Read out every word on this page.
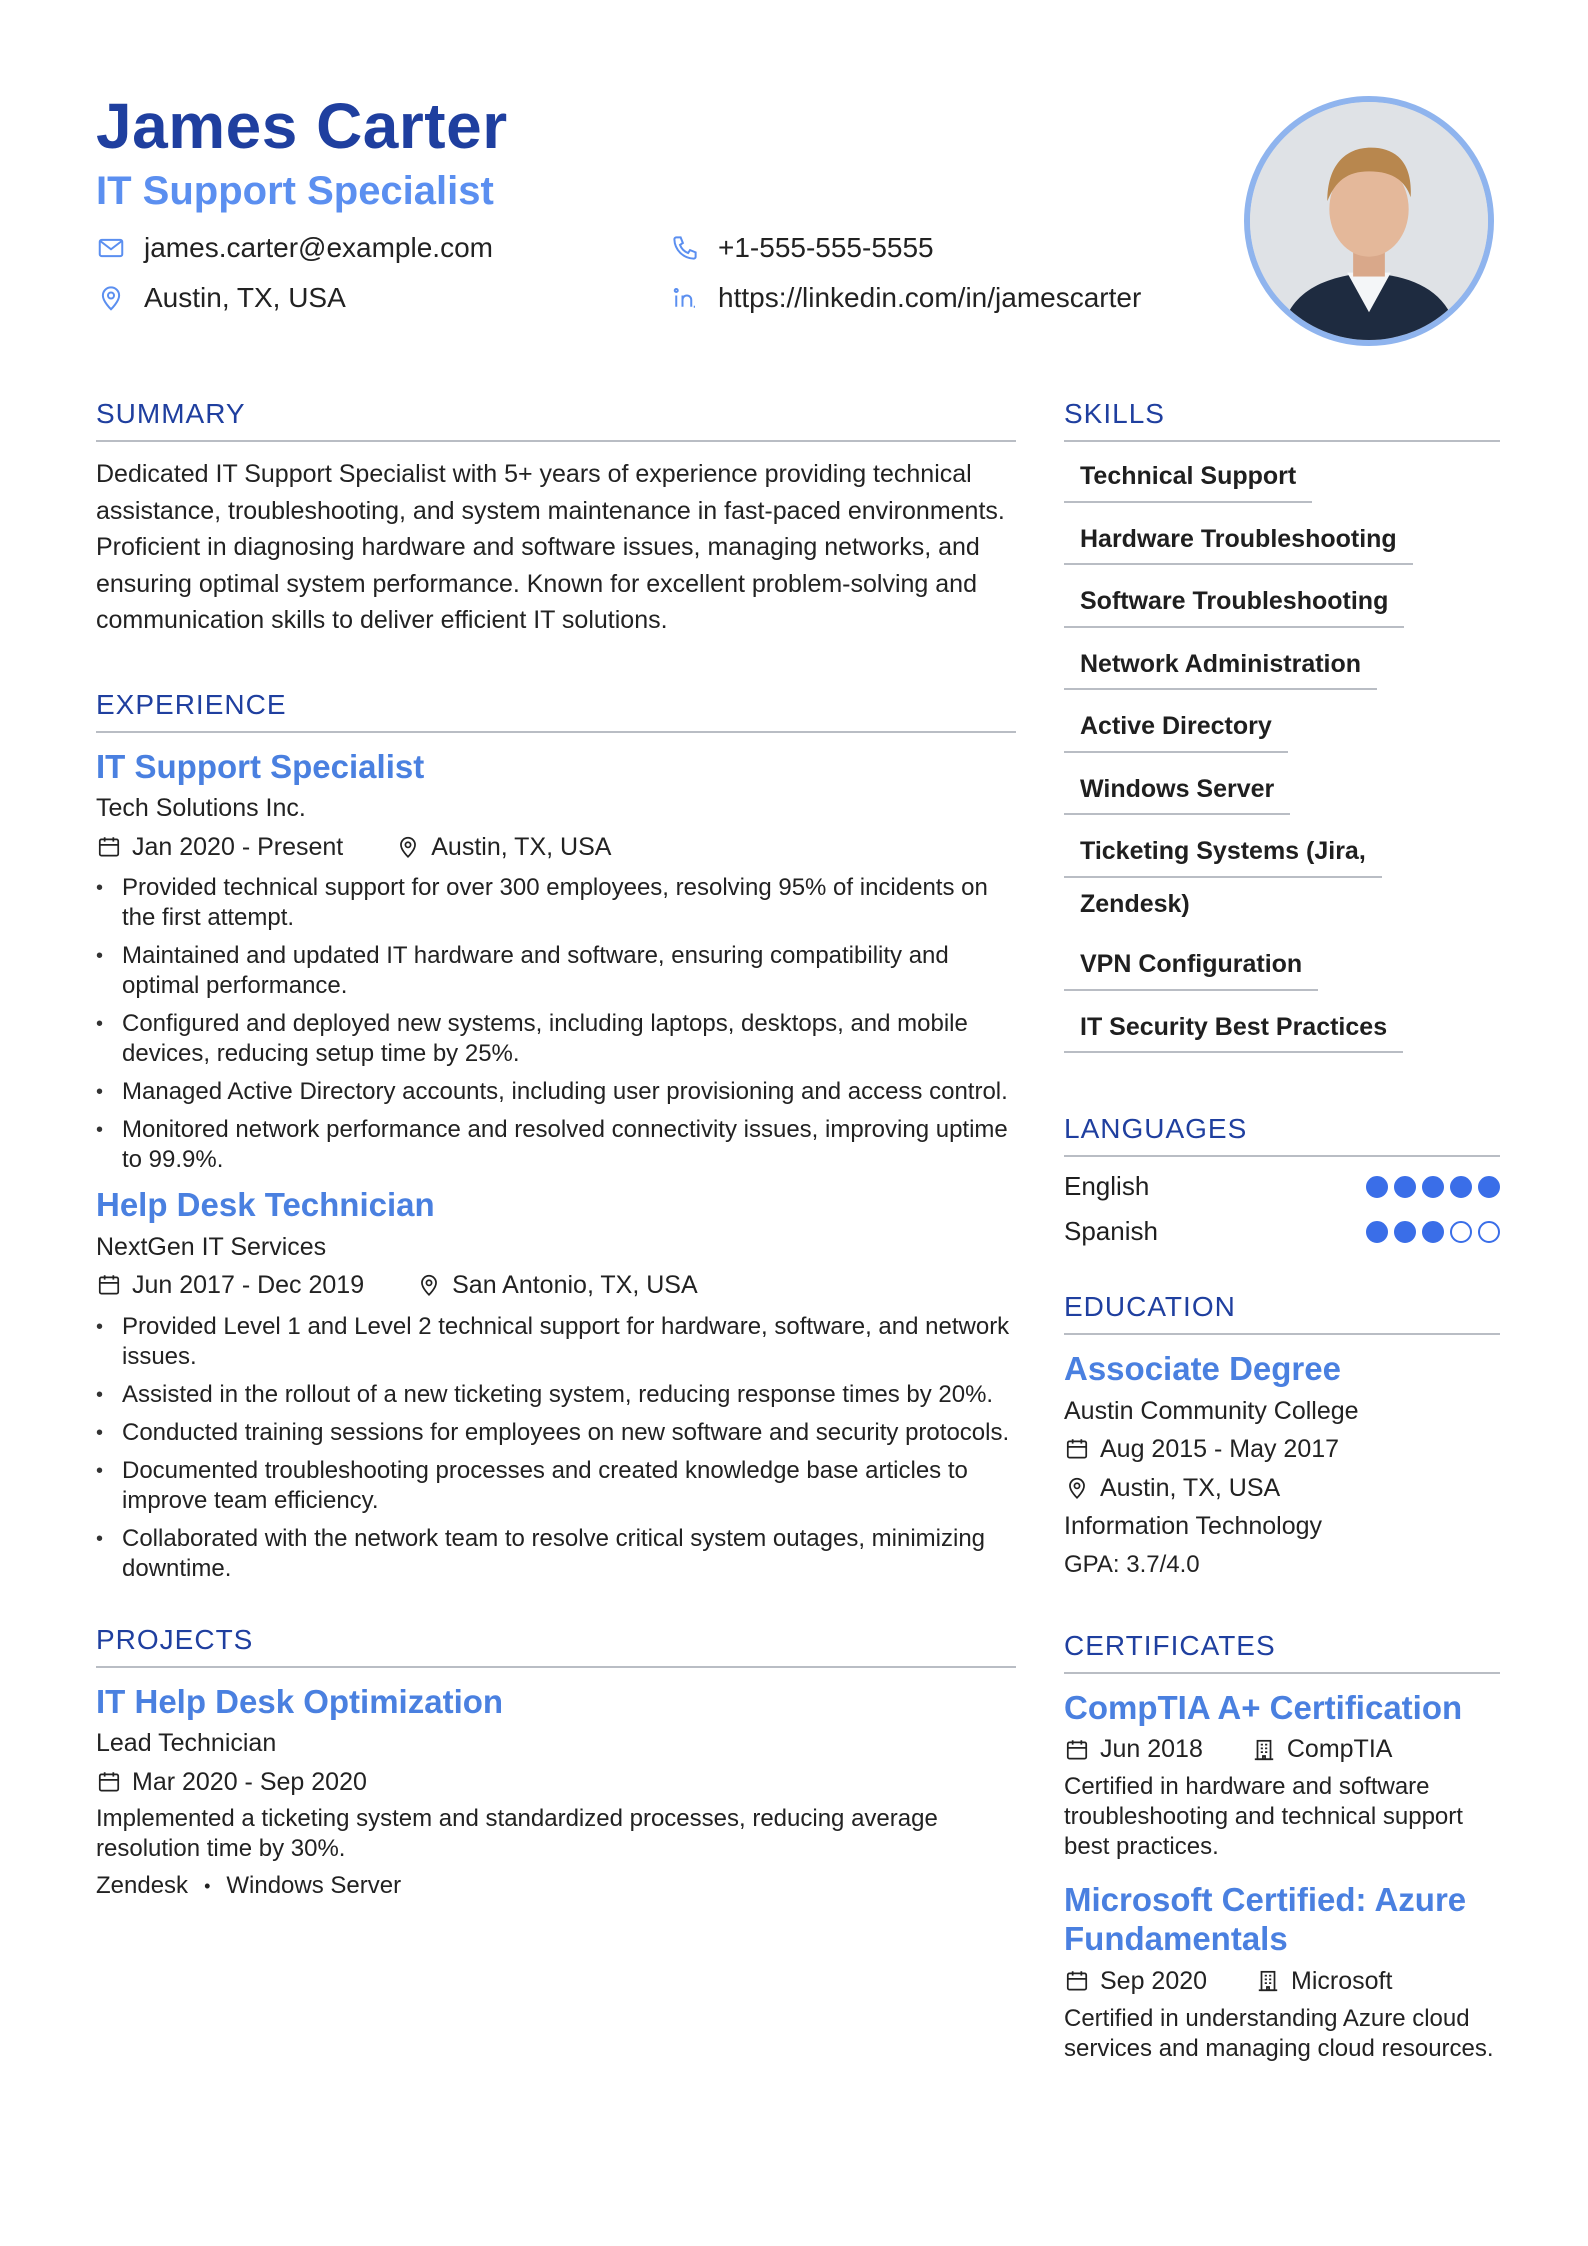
James Carter
IT Support Specialist
james.carter@example.com	+1-555-555-5555
Austin, TX, USA	https://linkedin.com/in/jamescarter
SUMMARY
Dedicated IT Support Specialist with 5+ years of experience providing technical assistance, troubleshooting, and system maintenance in fast-paced environments. Proficient in diagnosing hardware and software issues, managing networks, and ensuring optimal system performance. Known for excellent problem-solving and communication skills to deliver efficient IT solutions.
EXPERIENCE
IT Support Specialist
Tech Solutions Inc.
Jan 2020 - Present	Austin, TX, USA
• Provided technical support for over 300 employees, resolving 95% of incidents on the first attempt.
• Maintained and updated IT hardware and software, ensuring compatibility and optimal performance.
• Configured and deployed new systems, including laptops, desktops, and mobile devices, reducing setup time by 25%.
• Managed Active Directory accounts, including user provisioning and access control.
• Monitored network performance and resolved connectivity issues, improving uptime to 99.9%.
Help Desk Technician
NextGen IT Services
Jun 2017 - Dec 2019	San Antonio, TX, USA
• Provided Level 1 and Level 2 technical support for hardware, software, and network issues.
• Assisted in the rollout of a new ticketing system, reducing response times by 20%.
• Conducted training sessions for employees on new software and security protocols.
• Documented troubleshooting processes and created knowledge base articles to improve team efficiency.
• Collaborated with the network team to resolve critical system outages, minimizing downtime.
PROJECTS
IT Help Desk Optimization
Lead Technician
Mar 2020 - Sep 2020
Implemented a ticketing system and standardized processes, reducing average resolution time by 30%.
Zendesk • Windows Server
SKILLS
Technical Support
Hardware Troubleshooting
Software Troubleshooting
Network Administration
Active Directory
Windows Server
Ticketing Systems (Jira,
Zendesk)
VPN Configuration
IT Security Best Practices
LANGUAGES
English
Spanish
EDUCATION
Associate Degree
Austin Community College
Aug 2015 - May 2017
Austin, TX, USA
Information Technology
GPA: 3.7/4.0
CERTIFICATES
CompTIA A+ Certification
Jun 2018	CompTIA
Certified in hardware and software troubleshooting and technical support best practices.
Microsoft Certified: Azure Fundamentals
Sep 2020	Microsoft
Certified in understanding Azure cloud services and managing cloud resources.
